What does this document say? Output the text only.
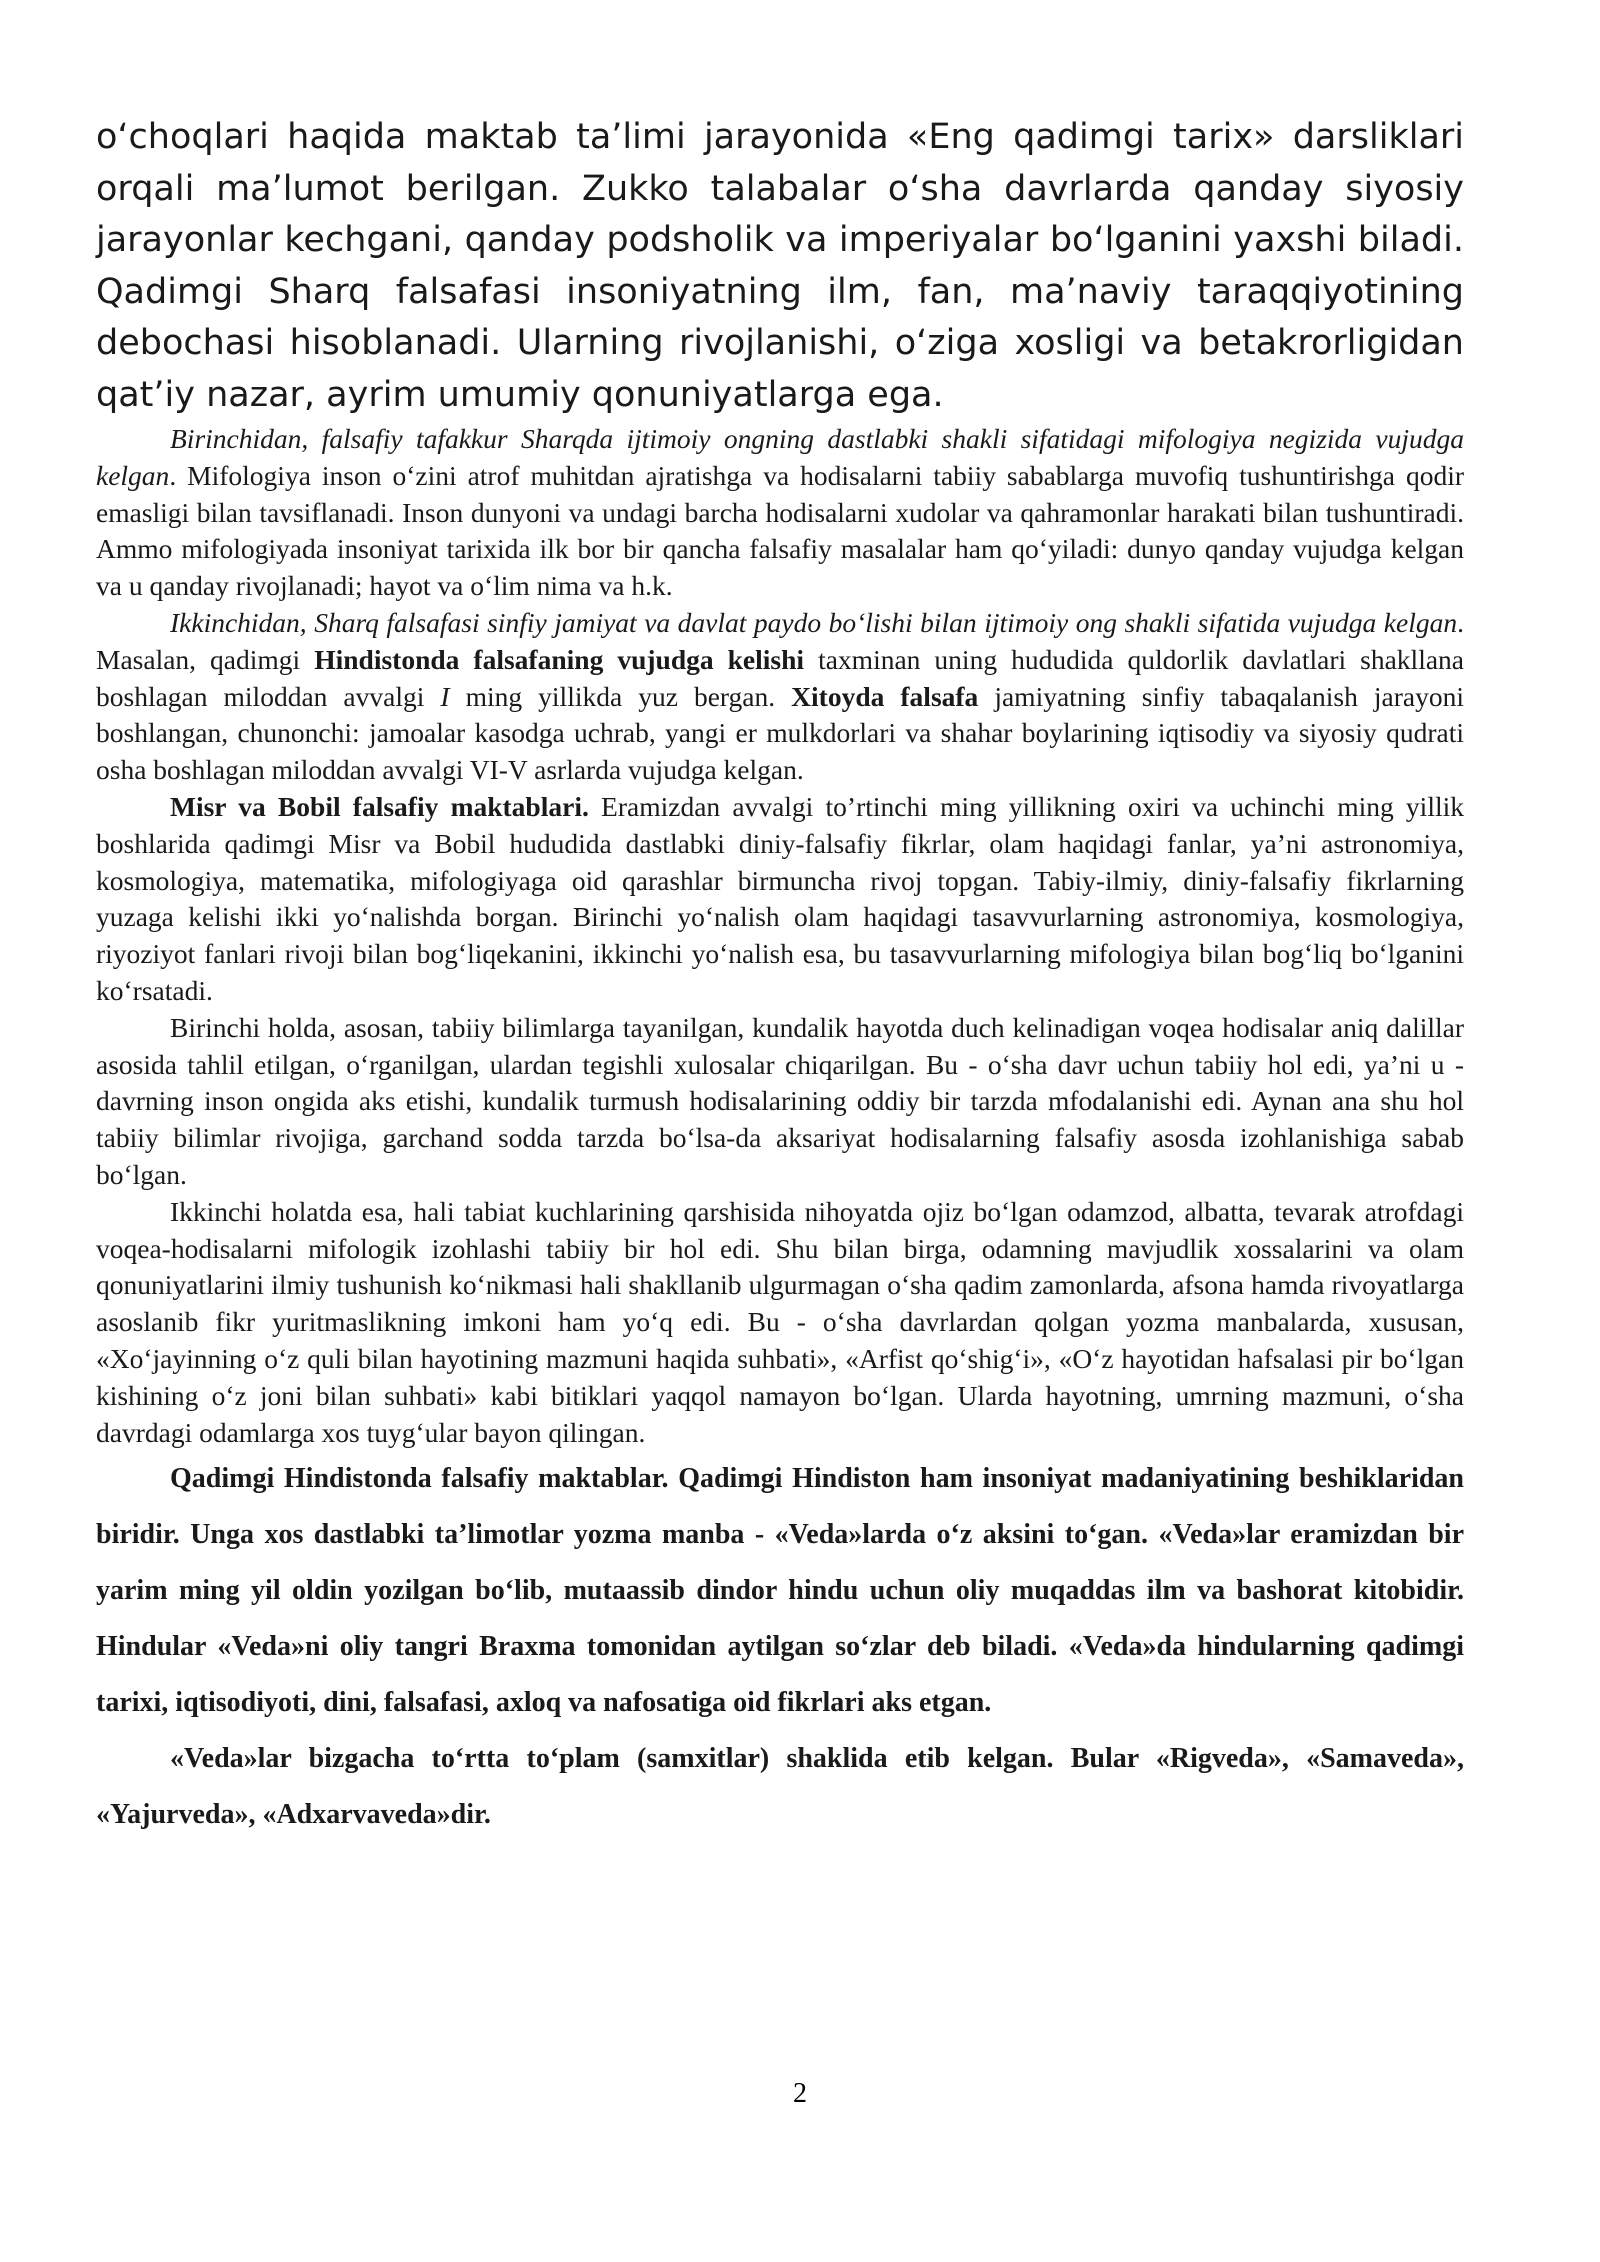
o‘choqlari haqida maktab ta’limi jarayonida «Eng qadimgi tarix» darsliklari orqali ma’lumot berilgan. Zukko talabalar o‘sha davrlarda qanday siyosiy jarayonlar kechgani, qanday podsholik va imperiyalar bo‘lganini yaxshi biladi. Qadimgi Sharq falsafasi insoniyatning ilm, fan, ma’naviy taraqqiyotining debochasi hisoblanadi. Ularning rivojlanishi, o‘ziga xosligi va betakrorligidan qat’iy nazar, ayrim umumiy qonuniyatlarga ega.

Birinchidan, falsafiy tafakkur Sharqda ijtimoiy ongning dastlabki shakli sifatidagi mifologiya negizida vujudga kelgan. Mifologiya inson o‘zini atrof muhitdan ajratishga va hodisalarni tabiiy sabablarga muvofiq tushuntirishga qodir emasligi bilan tavsiflanadi. Inson dunyoni va undagi barcha hodisalarni xudolar va qahramonlar harakati bilan tushuntiradi. Ammo mifologiyada insoniyat tarixida ilk bor bir qancha falsafiy masalalar ham qo‘yiladi: dunyo qanday vujudga kelgan va u qanday rivojlanadi; hayot va o‘lim nima va h.k.

Ikkinchidan, Sharq falsafasi sinfiy jamiyat va davlat paydo bo‘lishi bilan ijtimoiy ong shakli sifatida vujudga kelgan. Masalan, qadimgi Hindistonda falsafaning vujudga kelishi taxminan uning hududida quldorlik davlatlari shakllana boshlagan miloddan avvalgi I ming yillikda yuz bergan. Xitoyda falsafa jamiyatning sinfiy tabaqalanish jarayoni boshlangan, chunonchi: jamoalar kasodga uchrab, yangi er mulkdorlari va shahar boylarining iqtisodiy va siyosiy qudrati osha boshlagan miloddan avvalgi VI-V asrlarda vujudga kelgan.

Misr va Bobil falsafiy maktablari. Eramizdan avvalgi to’rtinchi ming yillikning oxiri va uchinchi ming yillik boshlarida qadimgi Misr va Bobil hududida dastlabki diniy-falsafiy fikrlar, olam haqidagi fanlar, ya’ni astronomiya, kosmologiya, matematika, mifologiyaga oid qarashlar birmuncha rivoj topgan. Tabiy-ilmiy, diniy-falsafiy fikrlarning yuzaga kelishi ikki yo‘nalishda borgan. Birinchi yo‘nalish olam haqidagi tasavvurlarning astronomiya, kosmologiya, riyoziyot fanlari rivoji bilan bog‘liqekanini, ikkinchi yo‘nalish esa, bu tasavvurlarning mifologiya bilan bog‘liq bo‘lganini ko‘rsatadi.

Birinchi holda, asosan, tabiiy bilimlarga tayanilgan, kundalik hayotda duch kelinadigan voqea hodisalar aniq dalillar asosida tahlil etilgan, o‘rganilgan, ulardan tegishli xulosalar chiqarilgan. Bu - o‘sha davr uchun tabiiy hol edi, ya’ni u - davrning inson ongida aks etishi, kundalik turmush hodisalarining oddiy bir tarzda mfodalanishi edi. Aynan ana shu hol tabiiy bilimlar rivojiga, garchand sodda tarzda bo‘lsa-da aksariyat hodisalarning falsafiy asosda izohlanishiga sabab bo‘lgan.

Ikkinchi holatda esa, hali tabiat kuchlarining qarshisida nihoyatda ojiz bo‘lgan odamzod, albatta, tevarak atrofdagi voqea-hodisalarni mifologik izohlashi tabiiy bir hol edi. Shu bilan birga, odamning mavjudlik xossalarini va olam qonuniyatlarini ilmiy tushunish ko‘nikmasi hali shakllanib ulgurmagan o‘sha qadim zamonlarda, afsona hamda rivoyatlarga asoslanib fikr yuritmaslikning imkoni ham yo‘q edi. Bu - o‘sha davrlardan qolgan yozma manbalarda, xususan, «Xo‘jayinning o‘z quli bilan hayotining mazmuni haqida suhbati», «Arfist qo‘shig‘i», «O‘z hayotidan hafsalasi pir bo‘lgan kishining o‘z joni bilan suhbati» kabi bitiklari yaqqol namayon bo‘lgan. Ularda hayotning, umrning mazmuni, o‘sha davrdagi odamlarga xos tuyg‘ular bayon qilingan.

Qadimgi Hindistonda falsafiy maktablar. Qadimgi Hindiston ham insoniyat madaniyatining beshiklaridan biridir. Unga xos dastlabki ta’limotlar yozma manba - «Veda»larda o‘z aksini to‘gan. «Veda»lar eramizdan bir yarim ming yil oldin yozilgan bo‘lib, mutaassib dindor hindu uchun oliy muqaddas ilm va bashorat kitobidir. Hindular «Veda»ni oliy tangri Braxma tomonidan aytilgan so‘zlar deb biladi. «Veda»da hindularning qadimgi tarixi, iqtisodiyoti, dini, falsafasi, axloq va nafosatiga oid fikrlari aks etgan.

«Veda»lar bizgacha to‘rtta to‘plam (samxitlar) shaklida etib kelgan. Bular «Rigveda», «Samaveda», «Yajurveda», «Adxarvaveda»dir.

2
